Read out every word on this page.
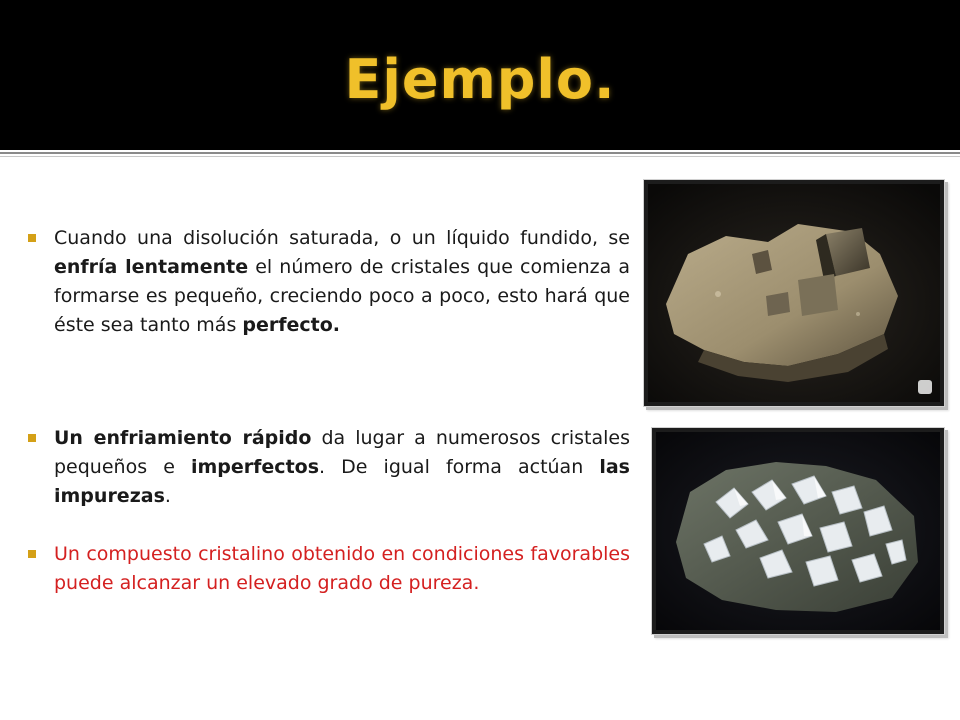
Ejemplo.
Cuando una disolución saturada, o un líquido fundido, se enfría lentamente el número de cristales que comienza a formarse es pequeño, creciendo poco a poco, esto hará que éste sea tanto más perfecto.
Un enfriamiento rápido da lugar a numerosos cristales pequeños e imperfectos. De igual forma actúan las impurezas.
Un compuesto cristalino obtenido en condiciones favorables puede alcanzar un elevado grado de pureza.
